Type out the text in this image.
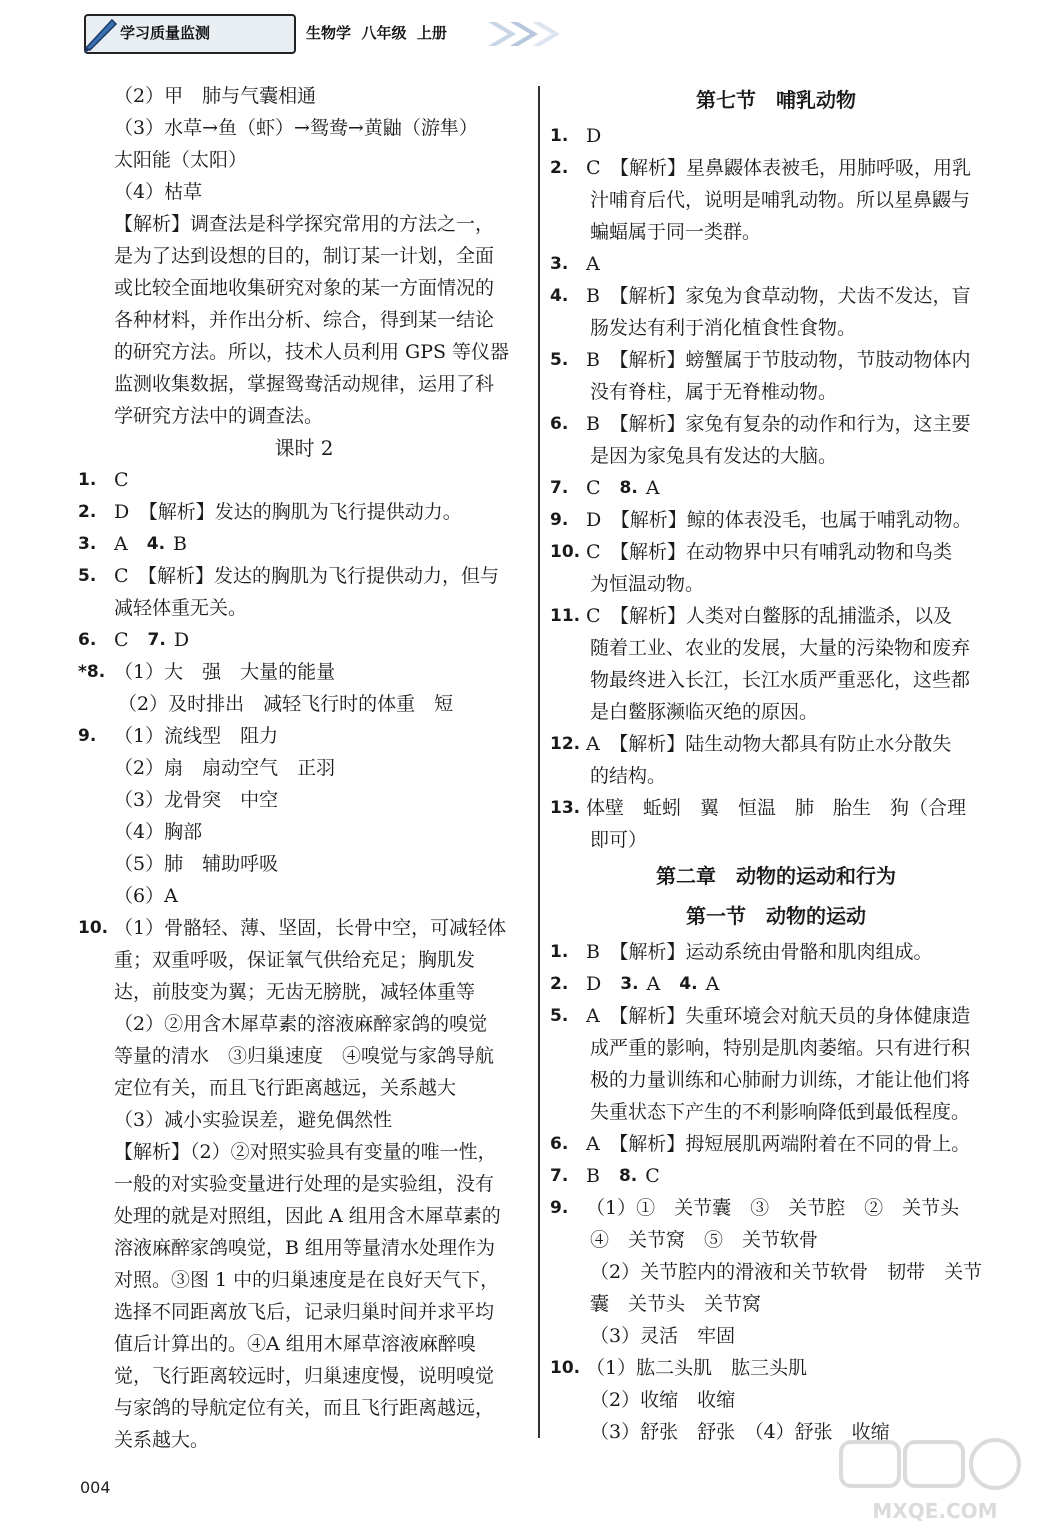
学习质量监测	生物学  八年级  上册
（2）甲　肺与气囊相通
（3）水草→鱼（虾）→鸳鸯→黄鼬（游隼）
太阳能（太阳）
（4）枯草
【解析】调查法是科学探究常用的方法之一，
是为了达到设想的目的，制订某一计划，全面
或比较全面地收集研究对象的某一方面情况的
各种材料，并作出分析、综合，得到某一结论
的研究方法。所以，技术人员利用 GPS 等仪器
监测收集数据，掌握鸳鸯活动规律，运用了科
学研究方法中的调查法。
课时 2
1. C
2. D　【解析】发达的胸肌为飞行提供动力。
3. A　4. B
5. C　【解析】发达的胸肌为飞行提供动力，但与
减轻体重无关。
6. C　7. D
*8. （1）大　强　大量的能量
（2）及时排出　减轻飞行时的体重　短
9. （1）流线型　阻力
（2）扇　扇动空气　正羽
（3）龙骨突　中空
（4）胸部
（5）肺　辅助呼吸
（6）A
10. （1）骨骼轻、薄、坚固，长骨中空，可减轻体
重；双重呼吸，保证氧气供给充足；胸肌发
达，前肢变为翼；无齿无膀胱，减轻体重等
（2）②用含木犀草素的溶液麻醉家鸽的嗅觉
等量的清水　③归巢速度　④嗅觉与家鸽导航
定位有关，而且飞行距离越远，关系越大
（3）减小实验误差，避免偶然性
【解析】（2）②对照实验具有变量的唯一性，
一般的对实验变量进行处理的是实验组，没有
处理的就是对照组，因此 A 组用含木犀草素的
溶液麻醉家鸽嗅觉，B 组用等量清水处理作为
对照。③图 1 中的归巢速度是在良好天气下，
选择不同距离放飞后，记录归巢时间并求平均
值后计算出的。④A 组用木犀草溶液麻醉嗅
觉，飞行距离较远时，归巢速度慢，说明嗅觉
与家鸽的导航定位有关，而且飞行距离越远，
关系越大。
第七节　哺乳动物
1. D
2. C　【解析】星鼻鼹体表被毛，用肺呼吸，用乳
汁哺育后代，说明是哺乳动物。所以星鼻鼹与
蝙蝠属于同一类群。
3. A
4. B　【解析】家兔为食草动物，犬齿不发达，盲
肠发达有利于消化植食性食物。
5. B　【解析】螃蟹属于节肢动物，节肢动物体内
没有脊柱，属于无脊椎动物。
6. B　【解析】家兔有复杂的动作和行为，这主要
是因为家兔具有发达的大脑。
7. C　8. A
9. D　【解析】鲸的体表没毛，也属于哺乳动物。
10. C　【解析】在动物界中只有哺乳动物和鸟类
为恒温动物。
11. C　【解析】人类对白鳖豚的乱捕滥杀，以及
随着工业、农业的发展，大量的污染物和废弃
物最终进入长江，长江水质严重恶化，这些都
是白鳖豚濒临灭绝的原因。
12. A　【解析】陆生动物大都具有防止水分散失
的结构。
13. 体壁　蚯蚓　翼　恒温　肺　胎生　狗（合理
即可）
第二章　动物的运动和行为
第一节　动物的运动
1. B　【解析】运动系统由骨骼和肌肉组成。
2. D　3. A　4. A
5. A　【解析】失重环境会对航天员的身体健康造
成严重的影响，特别是肌肉萎缩。只有进行积
极的力量训练和心肺耐力训练，才能让他们将
失重状态下产生的不利影响降低到最低程度。
6. A　【解析】拇短展肌两端附着在不同的骨上。
7. B　8. C
9. （1）①　关节囊　③　关节腔　②　关节头
④　关节窝　⑤　关节软骨
（2）关节腔内的滑液和关节软骨　韧带　关节
囊　关节头　关节窝
（3）灵活　牢固
10. （1）肱二头肌　肱三头肌
（2）收缩　收缩
（3）舒张　舒张　（4）舒张　收缩
004
MXQE.COM
